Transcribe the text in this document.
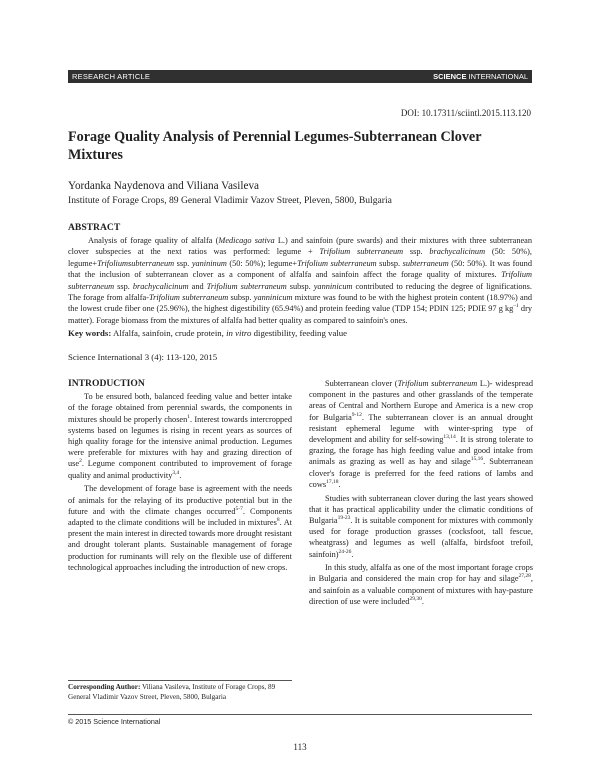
RESEARCH ARTICLE	SCIENCE INTERNATIONAL
DOI: 10.17311/sciintl.2015.113.120
Forage Quality Analysis of Perennial Legumes-Subterranean Clover Mixtures
Yordanka Naydenova and Viliana Vasileva
Institute of Forage Crops, 89 General Vladimir Vazov Street, Pleven, 5800, Bulgaria
ABSTRACT

Analysis of forage quality of alfalfa (Medicago sativa L.) and sainfoin (pure swards) and their mixtures with three subterranean clover subspecies at the next ratios was performed: legume + Trifolium subterraneum ssp. brachycalicinum (50: 50%), legume+Trifoliumsubterraneum ssp. yanininum (50: 50%); legume+Trifolium subterraneum subsp. subterraneum (50: 50%). It was found that the inclusion of subterranean clover as a component of alfalfa and sainfoin affect the forage quality of mixtures. Trifolium subterraneum ssp. brachycalicinum and Trifolium subterraneum subsp. yanninicum contributed to reducing the degree of lignifications. The forage from alfalfa-Trifolium subterraneum subsp. yanninicum mixture was found to be with the highest protein content (18.97%) and the lowest crude fiber one (25.96%), the highest digestibility (65.94%) and protein feeding value (TDP 154; PDIN 125; PDIE 97 g $kg^{-1}$ dry matter). Forage biomass from the mixtures of alfalfa had better quality as compared to sainfoin's ones.

Key words: Alfalfa, sainfoin, crude protein, in vitro digestibility, feeding value
Science International 3 (4): 113-120, 2015
INTRODUCTION

To be ensured both, balanced feeding value and better intake of the forage obtained from perennial swards, the components in mixtures should be properly chosen$^1$. Interest towards intercropped systems based on legumes is rising in recent years as sources of high quality forage for the intensive animal production. Legumes were preferable for mixtures with hay and grazing direction of use$^2$. Legume component contributed to improvement of forage quality and animal productivity$^{3,4}$.

The development of forage base is agreement with the needs of animals for the relaying of its productive potential but in the future and with the climate changes occurred$^{5-7}$. Components adapted to the climate conditions will be included in mixtures$^8$. At present the main interest in directed towards more drought resistant and drought tolerant plants. Sustainable management of forage production for ruminants will rely on the flexible use of different technological approaches including the introduction of new crops.

Subterranean clover (Trifolium subterraneum L.)- widespread component in the pastures and other grasslands of the temperate areas of Central and Northern Europe and America is a new crop for Bulgaria$^{9-12}$. The subterranean clover is an annual drought resistant ephemeral legume with winter-spring type of development and ability for self-sowing$^{13,14}$. It is strong tolerate to grazing, the forage has high feeding value and good intake from animals as grazing as well as hay and silage$^{15,16}$. Subterranean clover's forage is preferred for the feed rations of lambs and cows$^{17,18}$.

Studies with subterranean clover during the last years showed that it has practical applicability under the climatic conditions of Bulgaria$^{19-23}$. It is suitable component for mixtures with commonly used for forage production grasses (cocksfoot, tall fescue, wheatgrass) and legumes as well (alfalfa, birdsfoot trefoil, sainfoin)$^{24-26}$.

In this study, alfalfa as one of the most important forage crops in Bulgaria and considered the main crop for hay and silage$^{27,28}$, and sainfoin as a valuable component of mixtures with hay-pasture direction of use were included$^{29,30}$.

Corresponding Author: Viliana Vasileva, Institute of Forage Crops, 89 General Vladimir Vazov Street, Pleven, 5800, Bulgaria
© 2015 Science International
113
